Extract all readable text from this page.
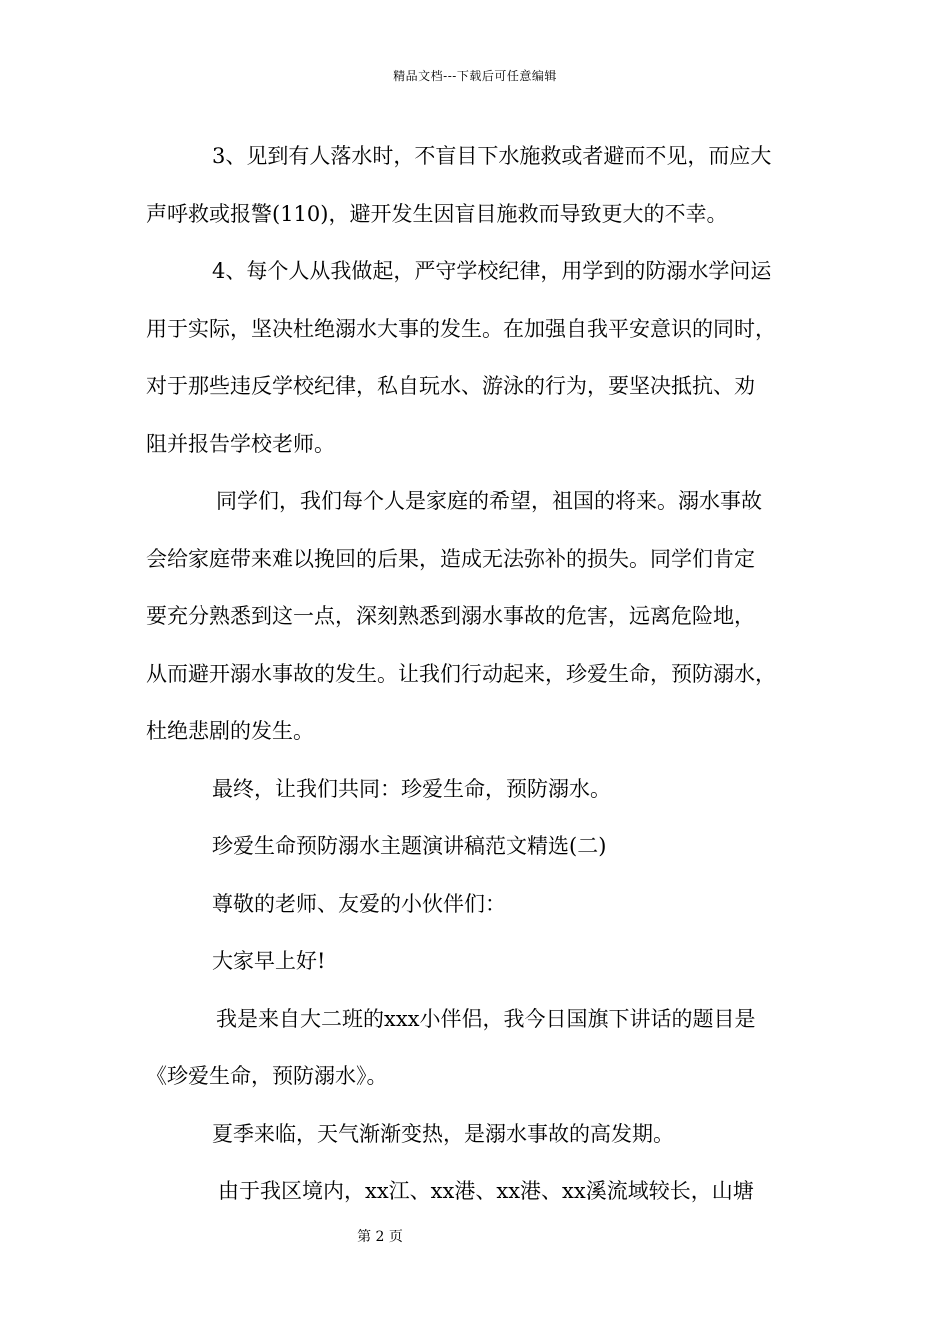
精品文档---下载后可任意编辑
3、见到有人落水时，不盲目下水施救或者避而不见，而应大
声呼救或报警(110)，避开发生因盲目施救而导致更大的不幸。
4、每个人从我做起，严守学校纪律，用学到的防溺水学问运
用于实际，坚决杜绝溺水大事的发生。在加强自我平安意识的同时，
对于那些违反学校纪律，私自玩水、游泳的行为，要坚决抵抗、劝
阻并报告学校老师。
同学们，我们每个人是家庭的希望，祖国的将来。溺水事故
会给家庭带来难以挽回的后果，造成无法弥补的损失。同学们肯定
要充分熟悉到这一点，深刻熟悉到溺水事故的危害，远离危险地，
从而避开溺水事故的发生。让我们行动起来，珍爱生命，预防溺水，
杜绝悲剧的发生。
最终，让我们共同：珍爱生命，预防溺水。
珍爱生命预防溺水主题演讲稿范文精选(二)
尊敬的老师、友爱的小伙伴们：
大家早上好!
我是来自大二班的xxx小伴侣，我今日国旗下讲话的题目是
《珍爱生命，预防溺水》。
夏季来临，天气渐渐变热，是溺水事故的高发期。
由于我区境内，xx江、xx港、xx港、xx溪流域较长，山塘
第 2 页
